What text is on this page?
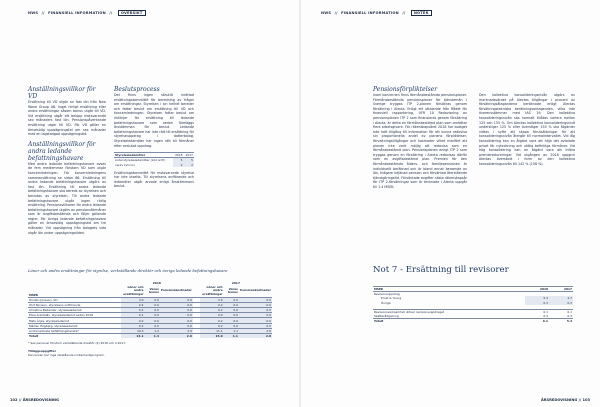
NWS // FINANSIELL INFORMATION // ÖVERSIKT
Anställningsvillkor för VD

Ersättning till VD utgör av fast lön från New Wave Group AB. Inget rörligt ersättning eller andra ersättningar såsom bonus utgår till VD. Vid ersättning utgår ett belopp motsvarande sex månaders fast lön. Pensionspåverkande ersättning utgör till VD. För VD gäller en ömsesidig uppsägningstid om sex månader med en lagstadgad uppsägningstid.

Anställningsvillkor för andra ledande befattningshavare

Med andra ledande befattningshavare avses de fem medlemmar förutom VD som utgör koncernledningen. För koncernledningens sammansättning se sidan 66. Ersättning till andra ledande befattningshavare utgörs av fast lön. Ersättning till andra ledande befattningshavare ska bereds av styrelsen och beslutas av styrelsen. Till andra ledande befattningshavare utgår ingen rörlig ersättning. Pensionsvillkoren för andra ledande befattningshavare utgörs av pensionsförmåner som är avgiftsbestämda och följer gällande regler. För övriga ledande befattningshavare gäller en ömsesidig uppsägningstid om tre månader. Vid uppsägning från bolagets sida utgår lön under uppsägningstiden.

Beslutsprocess

Det finns ingen särskilt inrättad ersättningskommitté för beredning av frågor om ersättningar. Styrelsen i sin helhet bereder och fattar beslut om ersättning till VD och koncernledningen. Styrelsen fattar beslut om riktlinjer för ersättning till ledande befattningshavare som sedan föreläggs årsstämman för beslut. Ledande befattningshavare har inte rätt till ersättning för styrelseuppdrag i dotterbolag. Styrelseledamöter har ingen rätt till förmåner efter avslutat uppdrag.

Styrelseledamöter	2018	2017
Antal styrelseledamöter (inkl ordf.)	5	5
varav kvinnor	2	2

Ersättningskommitté för motsvarande styrelse har inte utsetts. Till styrelsens ordförande och ledamöter utgår arvode enligt årsstämmans beslut.

Löner och andra ersättningar för styrelse, verkställande direktör och övriga ledande befattningshavare
	2018				2017		
MSEK	Löner och andra ersättningar	Varav bonus	Pensionskostnader		Löner och andra ersättningar	Varav bonus	Pensionskostnader
Torsten Jansson, VD	3.0	0.0	0.0		3.0	0.0	0.0
Olof Persson, styrelsens ordförande	0.4	0.0	0.0		0.4	0.0	0.0
Christina Bellander, styrelseledamot	0.2	0.0	0.0		0.2	0.0	0.0
Elisa Ankdaläv, styrelseledamot sedan 2018	0.1	0.0	0.0		0.0	0.0	0.0
Mats Årjes, styrelseledamot	0.2	0.0	0.0		0.2	0.0	0.0
Märten Högberg, styrelseledamot	0.2	0.0	0.0		0.2	0.0	0.0
Andra ledande befattningshavare*	10.3	1.4	2.9		11.1	1.1	2.8
Totalt	14.1	1.4	2.9		15.0	1.1	2.8
* Sex personer förutom verkställande direktör (4) 2018 och 4 2017.
Tilläggsuppgifter
Koncernen har inga utestående incitamentsprogram.
102 // ÅRSREDOVISNING
NWS // FINANSIELL INFORMATION // NOTER
Pensionsförpliktelser

Inom koncernen finns förmånsbestämda pensionsplaner. Förmånsbestämda pensionsplaner för tjänstemän i Sverige tryggas ITP 2-planen försäkras genom försäkring i Alecta. Enligt ett uttalande från Rådet för finansiell rapportering, UFR 10 Redovisning av pensionsplanen ITP 2 som finansieras genom försäkring i Alecta, är detta en förmånsbestämd plan som omfattar flera arbetsgivare. För räkenskapsåret 2018 har bolaget inte haft tillgång till information för att kunna redovisa sin proportionella andel av planens förpliktelser, förvaltningstillgångar och kostnader vilket medfört att planen inte varit möjlig att redovisa som en förmånsbestämd plan. Pensionsplanen enligt ITP 2 som tryggas genom en försäkring i Alecta redovisas därför som en avgiftsbestämd plan. Premien för den förmånsbestämda ålders- och familjepensionen är individuellt beräknad och är bland annat beroende av lön, tidigare intjänad pension och förväntad återstående tjänstgöringstid. Förväntade avgifter nästa räkenskapsår för ITP 2-försäkringar som är tecknade i Alecta uppgår till 1.4 MSEK.

Den kollektiva konsolideringsnivån utgörs av marknadsvärdet på Alectas tillgångar i procent av försäkringsåtagandena beräknade enligt Alectas försäkringstekniska beräkningsantaganden, vilka inte överensstämmer med IAS 19. Den kollektiva konsolideringsnivån ska normalt tillåtas variera mellan 125 och 155 %. Om Alectas kollektiva konsolideringsnivå understiger 125 % eller överstiger 155 % ska åtgärder vidtas i syfte att skapa förutsättningar för att konsolideringsnivån återgår till normalintervallet. Vid låg konsolidering kan en åtgärd vara att höja det avtalade priset för nyteckning och utöka befintliga förmåner. Vid hög konsolidering kan en åtgärd vara att införa premiereduceringar. Vid utgången av 2018 uppgick Alectas överskott i form av den kollektiva konsolideringsnivån till 142 % (158 %).

Not 7 - Ersättning till revisorer
MSEK	2018	2017
Revisionsuppdrag		
Ernst & Young	5.3	4.7
Övriga	0.3	0.3

Revisionsverksamhet utöver revisionsuppdraget	0.1	0.1
Skatterådgivning	0.4	0.3
Totalt	6.1	5.4
ÅRSREDOVISNING // 103
